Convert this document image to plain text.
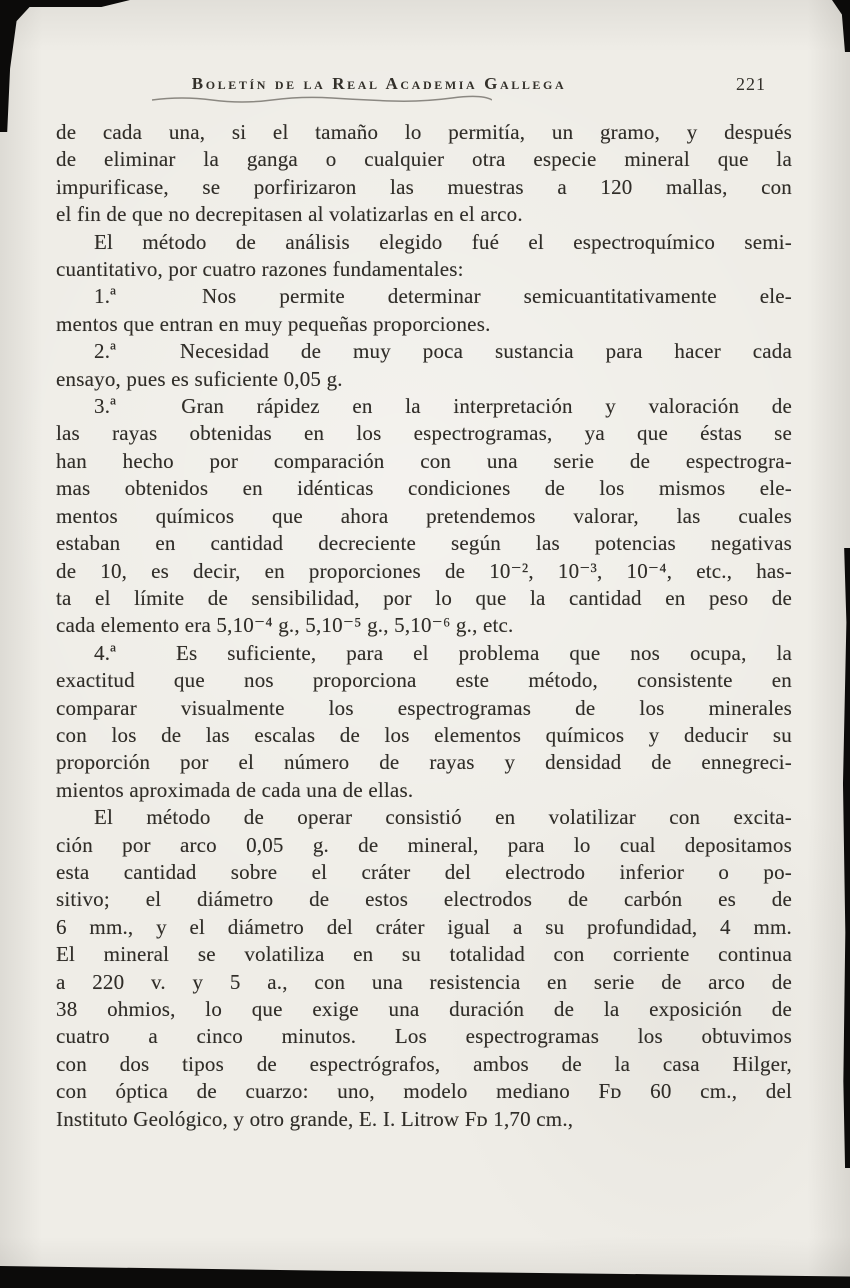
Boletín de la Real Academia Gallega	221
de cada una, si el tamaño lo permitía, un gramo, y después
de eliminar la ganga o cualquier otra especie mineral que la
impurificase, se porfirizaron las muestras a 120 mallas, con
el fin de que no decrepitasen al volatizarlas en el arco.
El método de análisis elegido fué el espectroquímico semi-
cuantitativo, por cuatro razones fundamentales:
1.ª  Nos permite determinar semicuantitativamente ele-
mentos que entran en muy pequeñas proporciones.
2.ª  Necesidad de muy poca sustancia para hacer cada
ensayo, pues es suficiente 0,05 g.
3.ª  Gran rápidez en la interpretación y valoración de
las rayas obtenidas en los espectrogramas, ya que éstas se
han hecho por comparación con una serie de espectrogra-
mas obtenidos en idénticas condiciones de los mismos ele-
mentos químicos que ahora pretendemos valorar, las cuales
estaban en cantidad decreciente según las potencias negativas
de 10, es decir, en proporciones de 10⁻², 10⁻³, 10⁻⁴, etc., has-
ta el límite de sensibilidad, por lo que la cantidad en peso de
cada elemento era 5,10⁻⁴ g., 5,10⁻⁵ g., 5,10⁻⁶ g., etc.
4.ª  Es suficiente, para el problema que nos ocupa, la
exactitud que nos proporciona este método, consistente en
comparar visualmente los espectrogramas de los minerales
con los de las escalas de los elementos químicos y deducir su
proporción por el número de rayas y densidad de ennegreci-
mientos aproximada de cada una de ellas.
El método de operar consistió en volatilizar con excita-
ción por arco 0,05 g. de mineral, para lo cual depositamos
esta cantidad sobre el cráter del electrodo inferior o po-
sitivo; el diámetro de estos electrodos de carbón es de
6 mm., y el diámetro del cráter igual a su profundidad, 4 mm.
El mineral se volatiliza en su totalidad con corriente continua
a 220 v. y 5 a., con una resistencia en serie de arco de
38 ohmios, lo que exige una duración de la exposición de
cuatro a cinco minutos. Los espectrogramas los obtuvimos
con dos tipos de espectrógrafos, ambos de la casa Hilger,
con óptica de cuarzo: uno, modelo mediano Fᴅ 60 cm., del
Instituto Geológico, y otro grande, E. I. Litrow Fᴅ 1,70 cm.,
